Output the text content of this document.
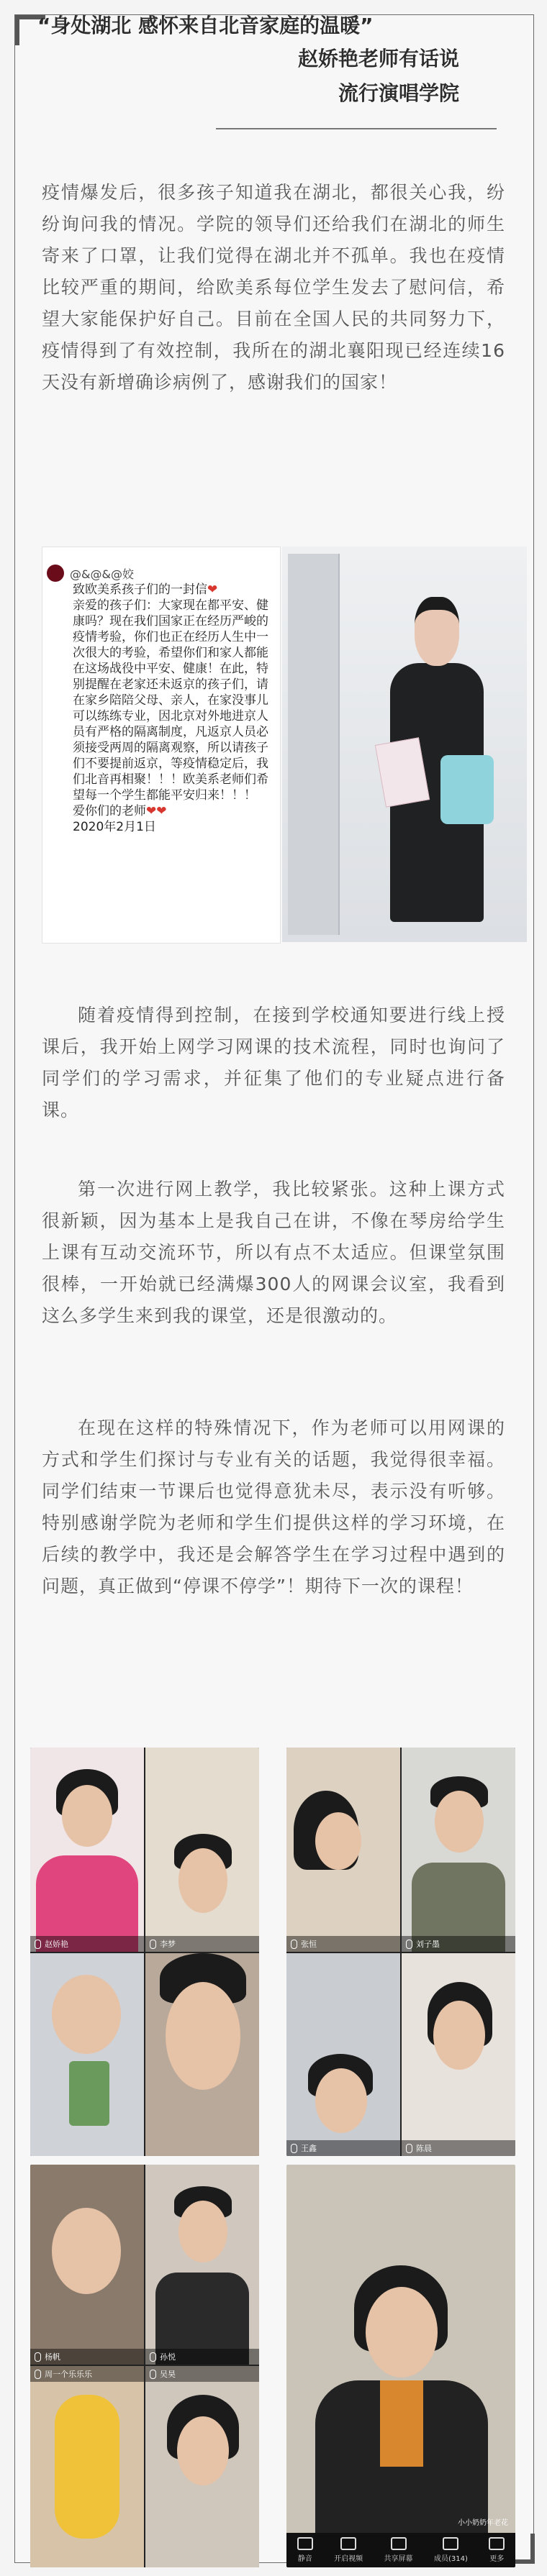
“身处湖北 感怀来自北音家庭的温暖”

赵娇艳老师有话说

流行演唱学院

疫情爆发后，很多孩子知道我在湖北，都很关心我，纷纷询问我的情况。学院的领导们还给我们在湖北的师生寄来了口罩，让我们觉得在湖北并不孤单。我也在疫情比较严重的期间，给欧美系每位学生发去了慰问信，希望大家能保护好自己。目前在全国人民的共同努力下，疫情得到了有效控制，我所在的湖北襄阳现已经连续16天没有新增确诊病例了，感谢我们的国家！

@&@&@姣

致欧美系孩子们的一封信❤

亲爱的孩子们：大家现在都平安、健康吗？现在我们国家正在经历严峻的疫情考验，你们也正在经历人生中一次很大的考验，希望你们和家人都能在这场战役中平安、健康！在此，特别提醒在老家还未返京的孩子们，请在家乡陪陪父母、亲人，在家没事儿可以练练专业，因北京对外地进京人员有严格的隔离制度，凡返京人员必须接受两周的隔离观察，所以请孩子们不要提前返京，等疫情稳定后，我们北音再相聚！！！欧美系老师们希望每一个学生都能平安归来！！！

爱你们的老师❤❤

2020年2月1日

随着疫情得到控制，在接到学校通知要进行线上授课后，我开始上网学习网课的技术流程，同时也询问了同学们的学习需求，并征集了他们的专业疑点进行备课。

第一次进行网上教学，我比较紧张。这种上课方式很新颖，因为基本上是我自己在讲，不像在琴房给学生上课有互动交流环节，所以有点不太适应。但课堂氛围很棒，一开始就已经满爆300人的网课会议室，我看到这么多学生来到我的课堂，还是很激动的。

在现在这样的特殊情况下，作为老师可以用网课的方式和学生们探讨与专业有关的话题，我觉得很幸福。同学们结束一节课后也觉得意犹未尽，表示没有听够。特别感谢学院为老师和学生们提供这样的学习环境，在后续的教学中，我还是会解答学生在学习过程中遇到的问题，真正做到“停课不停学”！期待下一次的课程！

赵娇艳	李梦	张恒	刘子墨
王鑫	陈晨
杨帆	孙悦
周一个乐乐乐	吴昊
小小奶奶年老花
静音	开启视频	共享屏幕	成员(314)	更多
